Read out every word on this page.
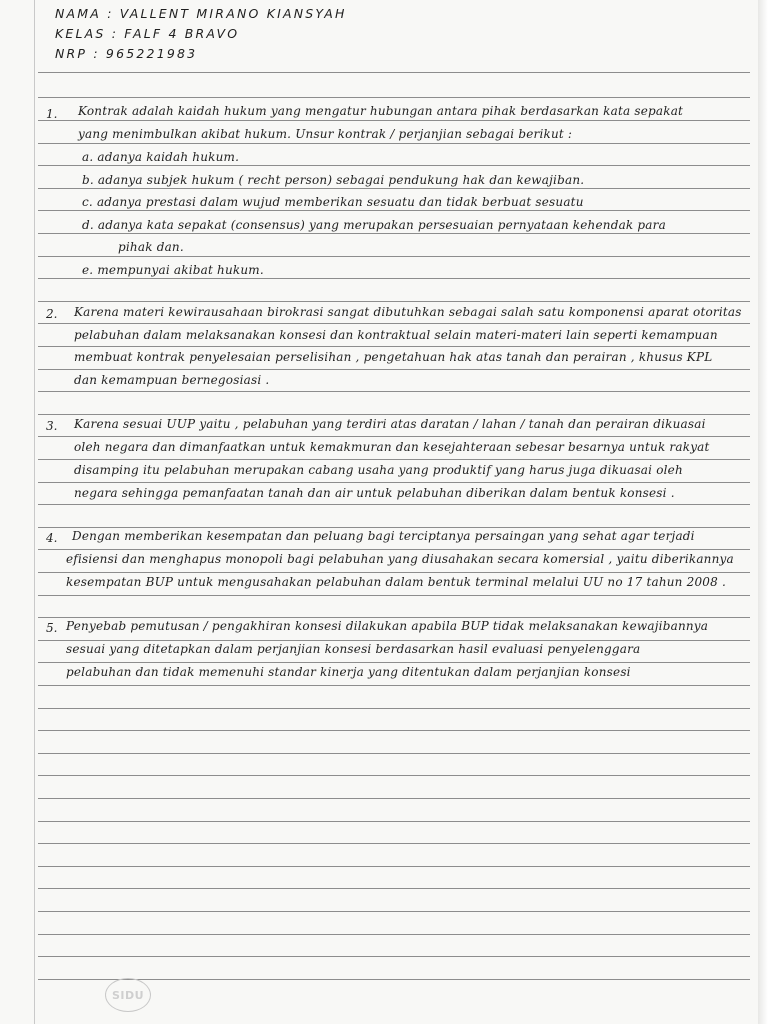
NAMA : VALLENT MIRANO KIANSYAH
KELAS : FALF 4 BRAVO
NRP : 965221983
1. Kontrak adalah kaidah hukum yang mengatur hubungan antara pihak berdasarkan kata sepakat
yang menimbulkan akibat hukum. Unsur kontrak / perjanjian sebagai berikut :
a. adanya kaidah hukum.
b. adanya subjek hukum ( recht person) sebagai pendukung hak dan kewajiban.
c. adanya prestasi dalam wujud memberikan sesuatu dan tidak berbuat sesuatu
d. adanya kata sepakat (consensus) yang merupakan persesuaian pernyataan kehendak para
pihak dan.
e. mempunyai akibat hukum.
2. Karena materi kewirausahaan birokrasi sangat dibutuhkan sebagai salah satu komponensi aparat otoritas
pelabuhan dalam melaksanakan konsesi dan kontraktual selain materi-materi lain seperti kemampuan
membuat kontrak penyelesaian perselisihan , pengetahuan hak atas tanah dan perairan , khusus KPL
dan kemampuan bernegosiasi .
3. Karena sesuai UUP yaitu , pelabuhan yang terdiri atas daratan / lahan / tanah dan perairan dikuasai
oleh negara dan dimanfaatkan untuk kemakmuran dan kesejahteraan sebesar besarnya untuk rakyat
disamping itu pelabuhan merupakan cabang usaha yang produktif yang harus juga dikuasai oleh
negara sehingga pemanfaatan tanah dan air untuk pelabuhan diberikan dalam bentuk konsesi .
4. Dengan memberikan kesempatan dan peluang bagi terciptanya persaingan yang sehat agar terjadi
efisiensi dan menghapus monopoli bagi pelabuhan yang diusahakan secara komersial , yaitu diberikannya
kesempatan BUP untuk mengusahakan pelabuhan dalam bentuk terminal melalui UU no 17 tahun 2008 .
5. Penyebab pemutusan / pengakhiran konsesi dilakukan apabila BUP tidak melaksanakan kewajibannya
sesuai yang ditetapkan dalam perjanjian konsesi berdasarkan hasil evaluasi penyelenggara
pelabuhan dan tidak memenuhi standar kinerja yang ditentukan dalam perjanjian konsesi
SIDU
